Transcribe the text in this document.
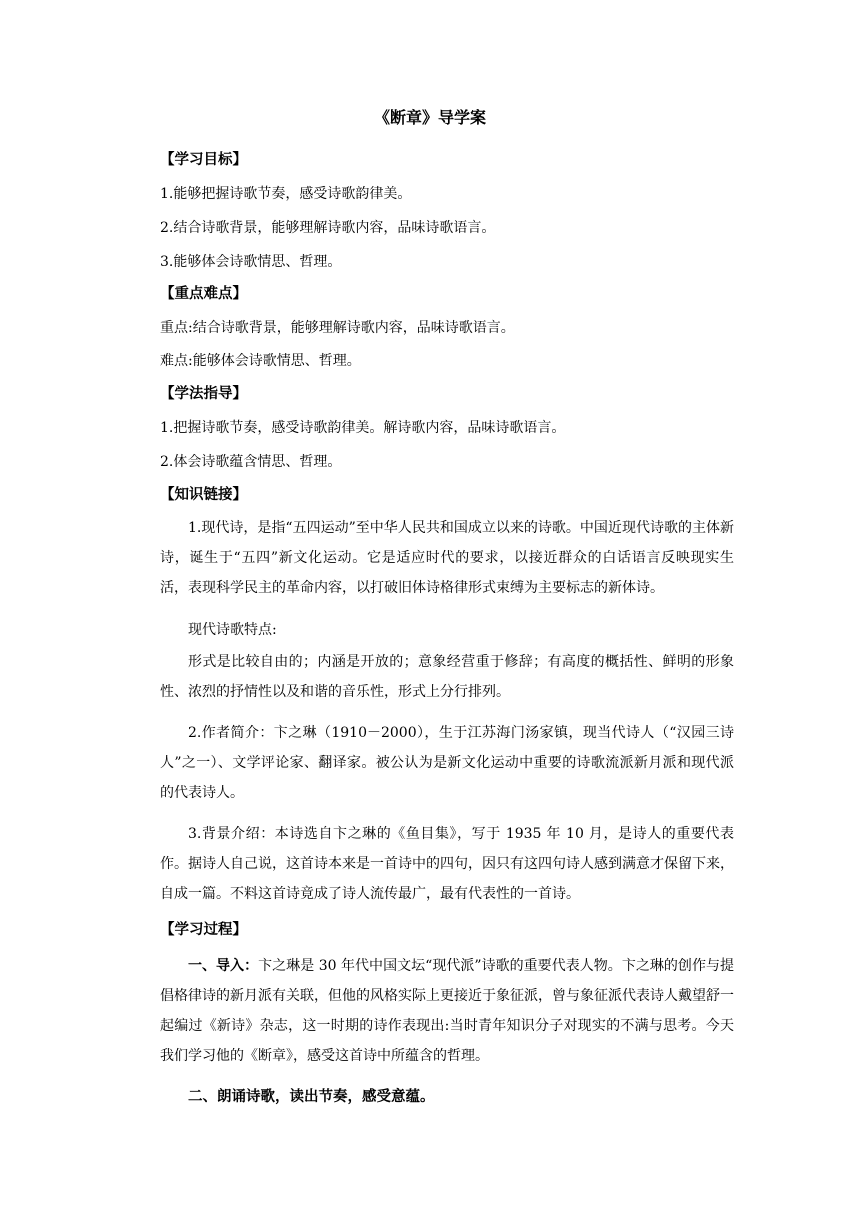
《断章》导学案
【学习目标】
1.能够把握诗歌节奏，感受诗歌韵律美。
2.结合诗歌背景，能够理解诗歌内容，品味诗歌语言。
3.能够体会诗歌情思、哲理。
【重点难点】
重点:结合诗歌背景，能够理解诗歌内容，品味诗歌语言。
难点:能够体会诗歌情思、哲理。
【学法指导】
1.把握诗歌节奏，感受诗歌韵律美。解诗歌内容，品味诗歌语言。
2.体会诗歌蕴含情思、哲理。
【知识链接】
1.现代诗，是指“五四运动”至中华人民共和国成立以来的诗歌。中国近现代诗歌的主体新诗，诞生于“五四”新文化运动。它是适应时代的要求，以接近群众的白话语言反映现实生活，表现科学民主的革命内容，以打破旧体诗格律形式束缚为主要标志的新体诗。
现代诗歌特点:
形式是比较自由的；内涵是开放的；意象经营重于修辞；有高度的概括性、鲜明的形象性、浓烈的抒情性以及和谐的音乐性，形式上分行排列。
2.作者简介：卞之琳（1910－2000），生于江苏海门汤家镇，现当代诗人（“汉园三诗人”之一）、文学评论家、翻译家。被公认为是新文化运动中重要的诗歌流派新月派和现代派的代表诗人。
3.背景介绍：本诗选自卞之琳的《鱼目集》，写于 1935 年 10 月，是诗人的重要代表作。据诗人自己说，这首诗本来是一首诗中的四句，因只有这四句诗人感到满意才保留下来，自成一篇。不料这首诗竟成了诗人流传最广，最有代表性的一首诗。
【学习过程】
一、导入：卞之琳是 30 年代中国文坛“现代派”诗歌的重要代表人物。卞之琳的创作与提倡格律诗的新月派有关联，但他的风格实际上更接近于象征派，曾与象征派代表诗人戴望舒一起编过《新诗》杂志，这一时期的诗作表现出:当时青年知识分子对现实的不满与思考。今天我们学习他的《断章》，感受这首诗中所蕴含的哲理。
二、朗诵诗歌，读出节奏，感受意蕴。
